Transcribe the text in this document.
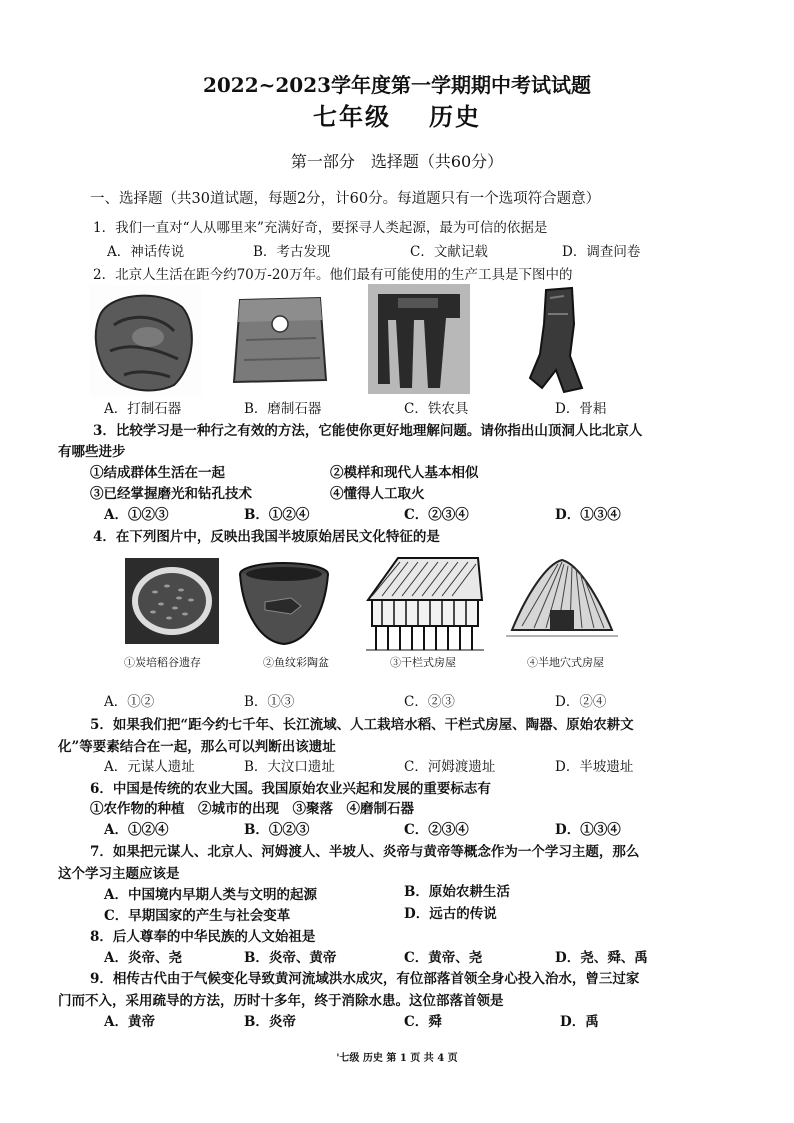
2022~2023学年度第一学期期中考试试题
七年级 历史
第一部分　选择题（共60分）
一、选择题（共30道试题，每题2分，计60分。每道题只有一个选项符合题意）
1．我们一直对“人从哪里来”充满好奇，要探寻人类起源，最为可信的依据是
A．神话传说	B．考古发现	C．文献记载	D．调查问卷
2．北京人生活在距今约70万-20万年。他们最有可能使用的生产工具是下图中的
A．打制石器	B．磨制石器	C．铁农具	D．骨耜
3．比较学习是一种行之有效的方法，它能使你更好地理解问题。请你指出山顶洞人比北京人
有哪些进步
①结成群体生活在一起	②模样和现代人基本相似
③已经掌握磨光和钻孔技术	④懂得人工取火
A．①②③	B．①②④	C．②③④	D．①③④
4．在下列图片中，反映出我国半坡原始居民文化特征的是
①炭培稻谷遗存	②鱼纹彩陶盆	③干栏式房屋	④半地穴式房屋
A．①②	B．①③	C．②③	D．②④
5．如果我们把“距今约七千年、长江流域、人工栽培水稻、干栏式房屋、陶器、原始农耕文
化”等要素结合在一起，那么可以判断出该遗址
A．元谋人遗址	B．大汶口遗址	C．河姆渡遗址	D．半坡遗址
6．中国是传统的农业大国。我国原始农业兴起和发展的重要标志有
①农作物的种植　②城市的出现　③聚落　④磨制石器
A．①②④	B．①②③	C．②③④	D．①③④
7．如果把元谋人、北京人、河姆渡人、半坡人、炎帝与黄帝等概念作为一个学习主题，那么
这个学习主题应该是
A．中国境内早期人类与文明的起源	B．原始农耕生活
C．早期国家的产生与社会变革	D．远古的传说
8．后人尊奉的中华民族的人文始祖是
A．炎帝、尧	B．炎帝、黄帝	C．黄帝、尧	D．尧、舜、禹
9．相传古代由于气候变化导致黄河流域洪水成灾，有位部落首领全身心投入治水，曾三过家
门而不入，采用疏导的方法，历时十多年，终于消除水患。这位部落首领是
A．黄帝	B．炎帝	C．舜	D．禹
'七级 历史 第 1 页 共 4 页
